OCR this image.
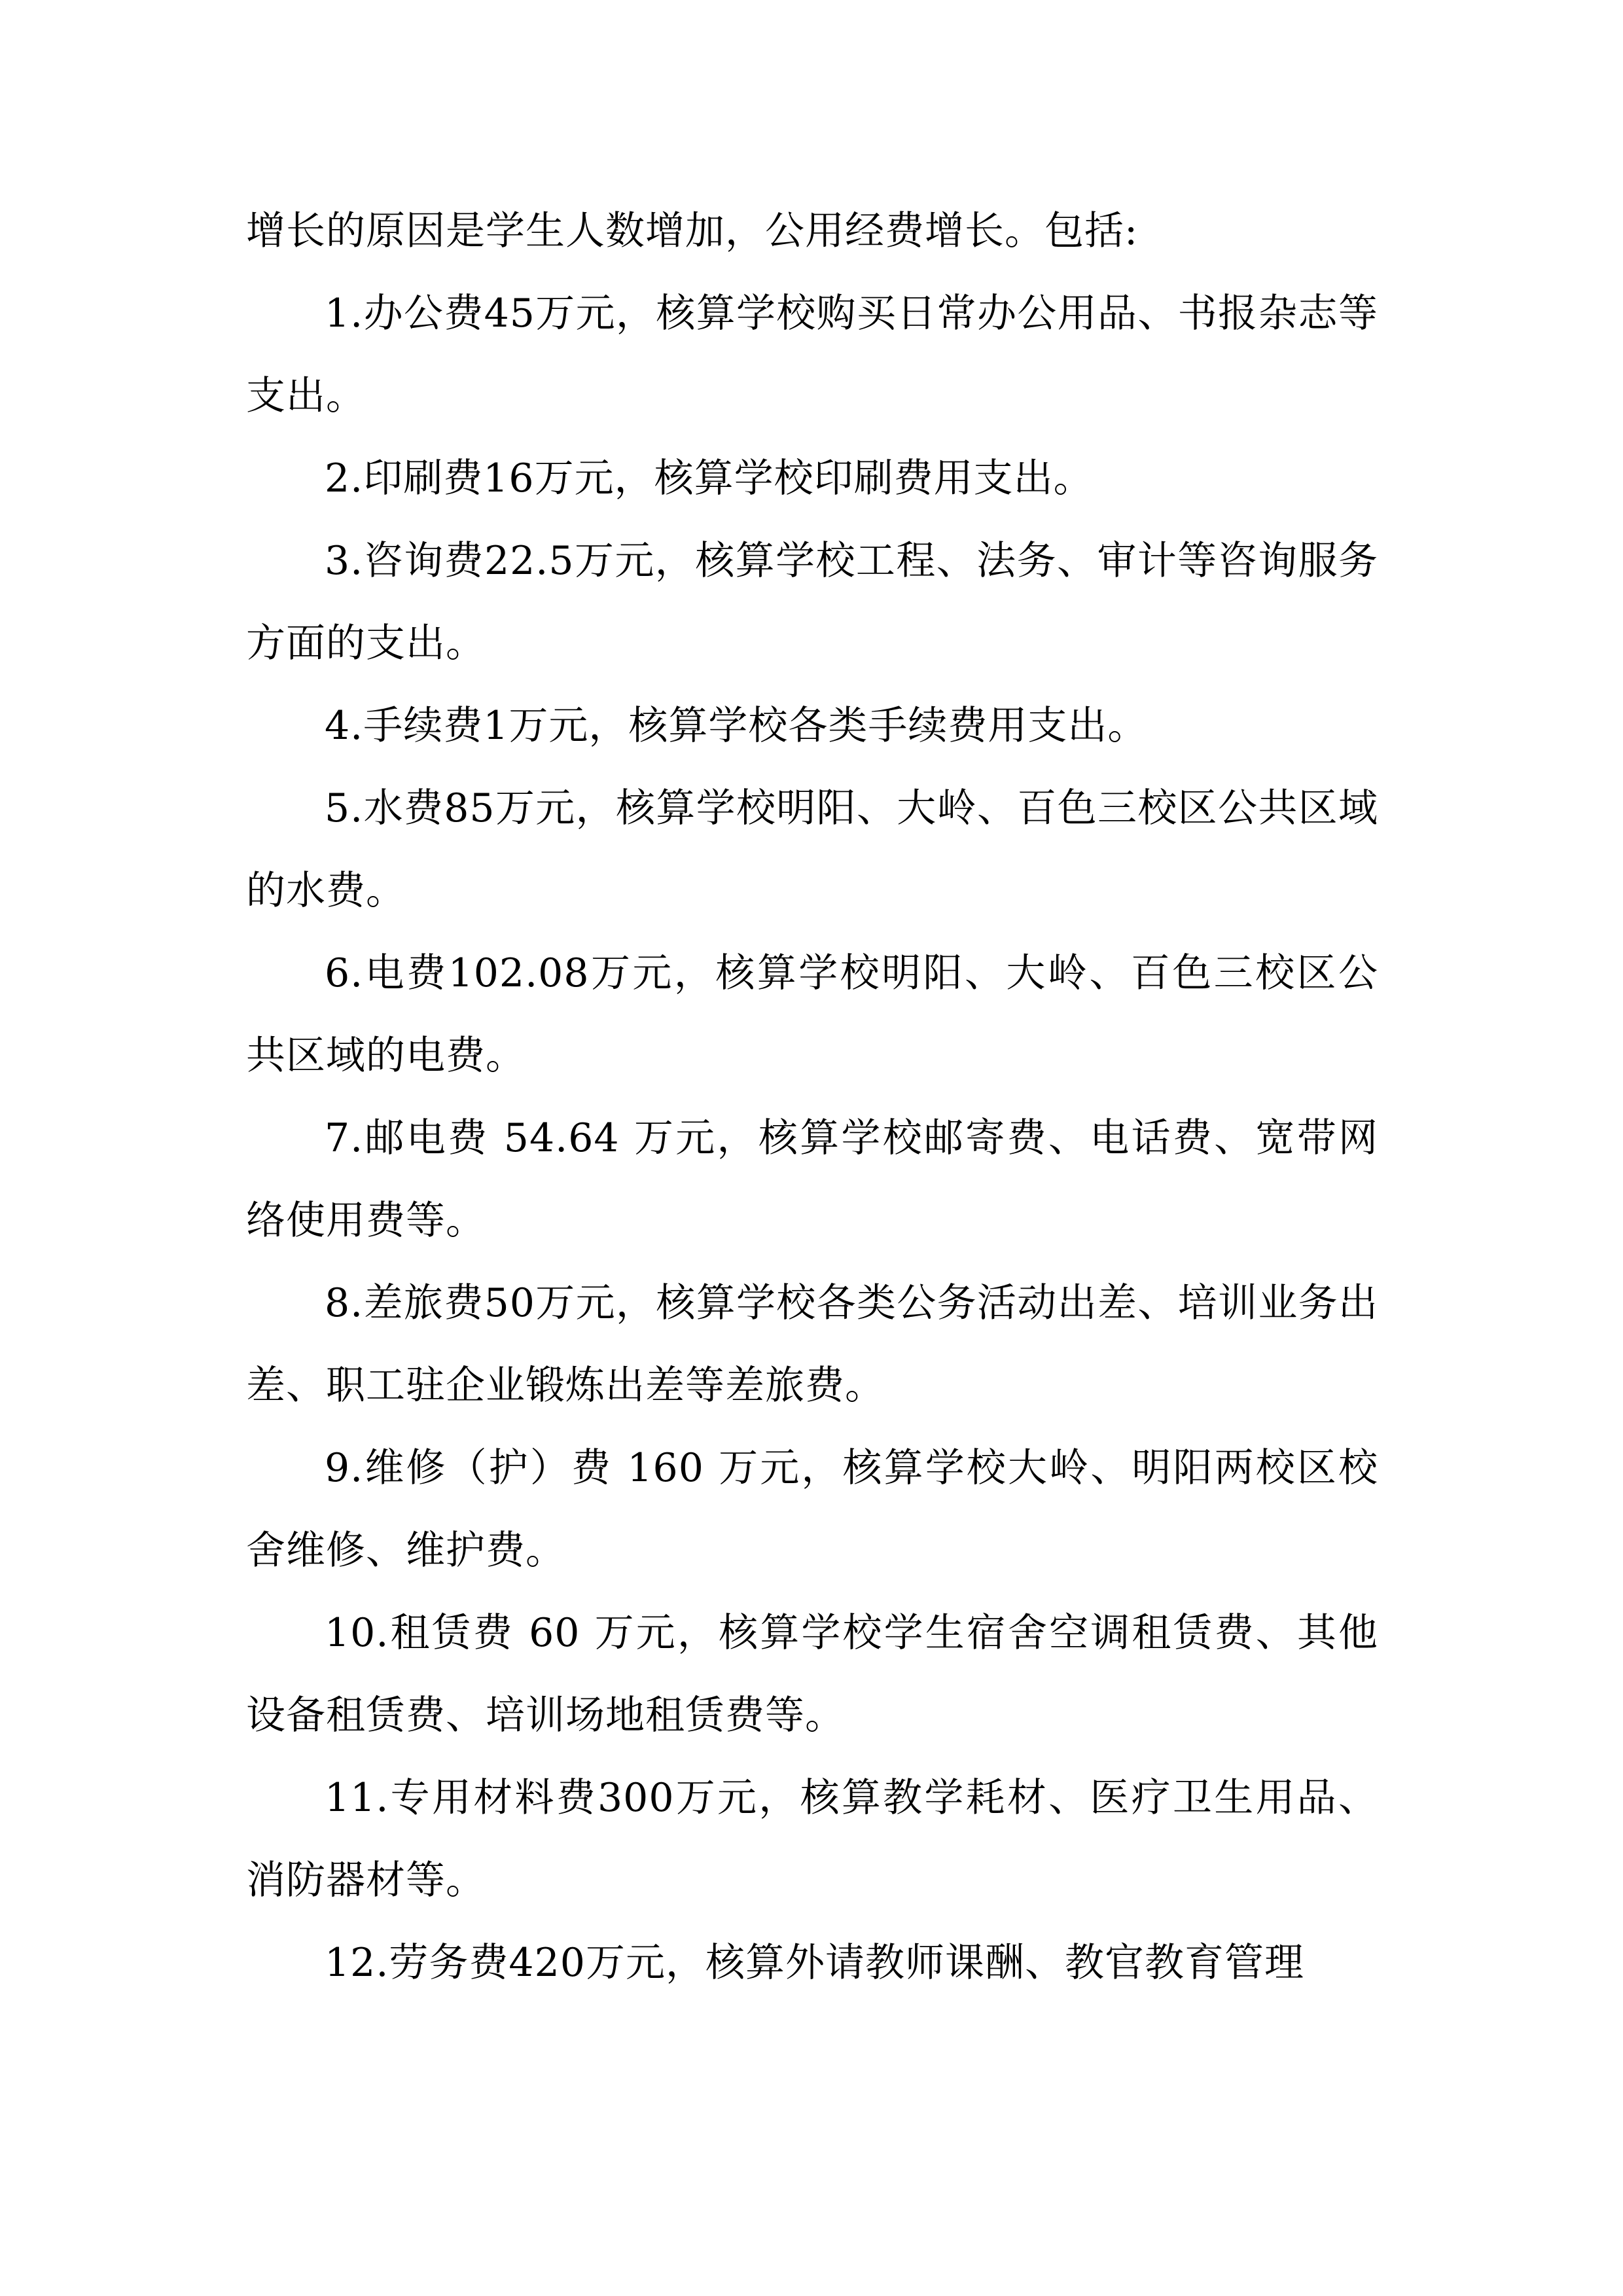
增长的原因是学生人数增加，公用经费增长。包括:

1.办公费45万元，核算学校购买日常办公用品、书报杂志等支出。

2.印刷费16万元，核算学校印刷费用支出。

3.咨询费22.5万元，核算学校工程、法务、审计等咨询服务方面的支出。

4.手续费1万元，核算学校各类手续费用支出。

5.水费85万元，核算学校明阳、大岭、百色三校区公共区域的水费。

6.电费102.08万元，核算学校明阳、大岭、百色三校区公共区域的电费。

7.邮电费 54.64 万元，核算学校邮寄费、电话费、宽带网络使用费等。

8.差旅费50万元，核算学校各类公务活动出差、培训业务出差、职工驻企业锻炼出差等差旅费。

9.维修（护）费 160 万元，核算学校大岭、明阳两校区校舍维修、维护费。

10.租赁费 60 万元，核算学校学生宿舍空调租赁费、其他设备租赁费、培训场地租赁费等。

11.专用材料费300万元，核算教学耗材、医疗卫生用品、消防器材等。

12.劳务费420万元，核算外请教师课酬、教官教育管理
